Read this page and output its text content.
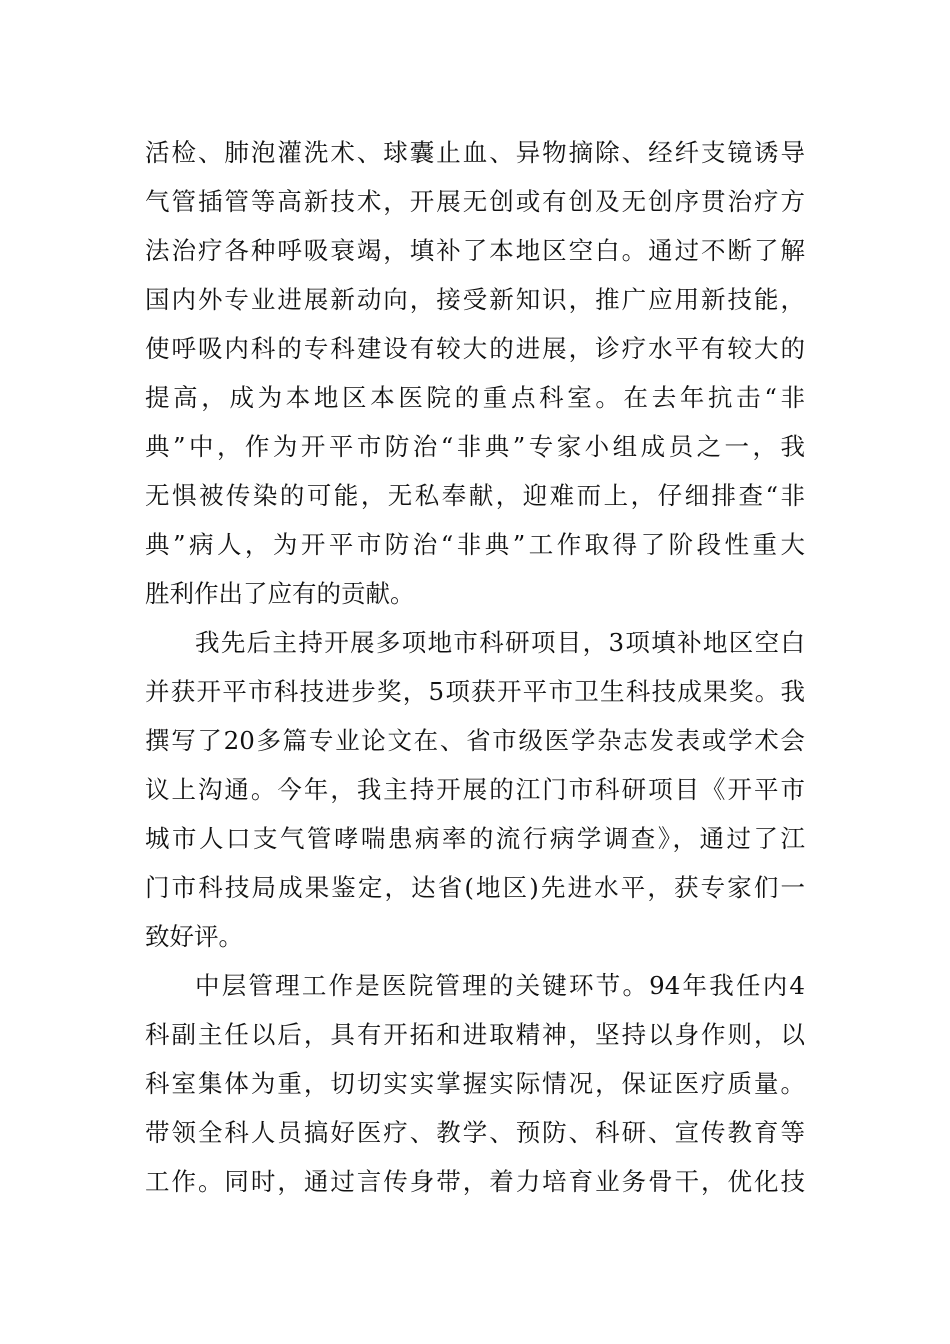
活检、肺泡灌洗术、球囊止血、异物摘除、经纤支镜诱导
气管插管等高新技术，开展无创或有创及无创序贯治疗方
法治疗各种呼吸衰竭，填补了本地区空白。通过不断了解
国内外专业进展新动向，接受新知识，推广应用新技能，
使呼吸内科的专科建设有较大的进展，诊疗水平有较大的
提高，成为本地区本医院的重点科室。在去年抗击“非
典”中，作为开平市防治“非典”专家小组成员之一，我
无惧被传染的可能，无私奉献，迎难而上，仔细排查“非
典”病人，为开平市防治“非典”工作取得了阶段性重大
胜利作出了应有的贡献。
我先后主持开展多项地市科研项目，3项填补地区空白
并获开平市科技进步奖，5项获开平市卫生科技成果奖。我
撰写了20多篇专业论文在、省市级医学杂志发表或学术会
议上沟通。今年，我主持开展的江门市科研项目《开平市
城市人口支气管哮喘患病率的流行病学调查》，通过了江
门市科技局成果鉴定，达省(地区)先进水平，获专家们一
致好评。
中层管理工作是医院管理的关键环节。94年我任内4
科副主任以后，具有开拓和进取精神，坚持以身作则，以
科室集体为重，切切实实掌握实际情况，保证医疗质量。
带领全科人员搞好医疗、教学、预防、科研、宣传教育等
工作。同时，通过言传身带，着力培育业务骨干，优化技
